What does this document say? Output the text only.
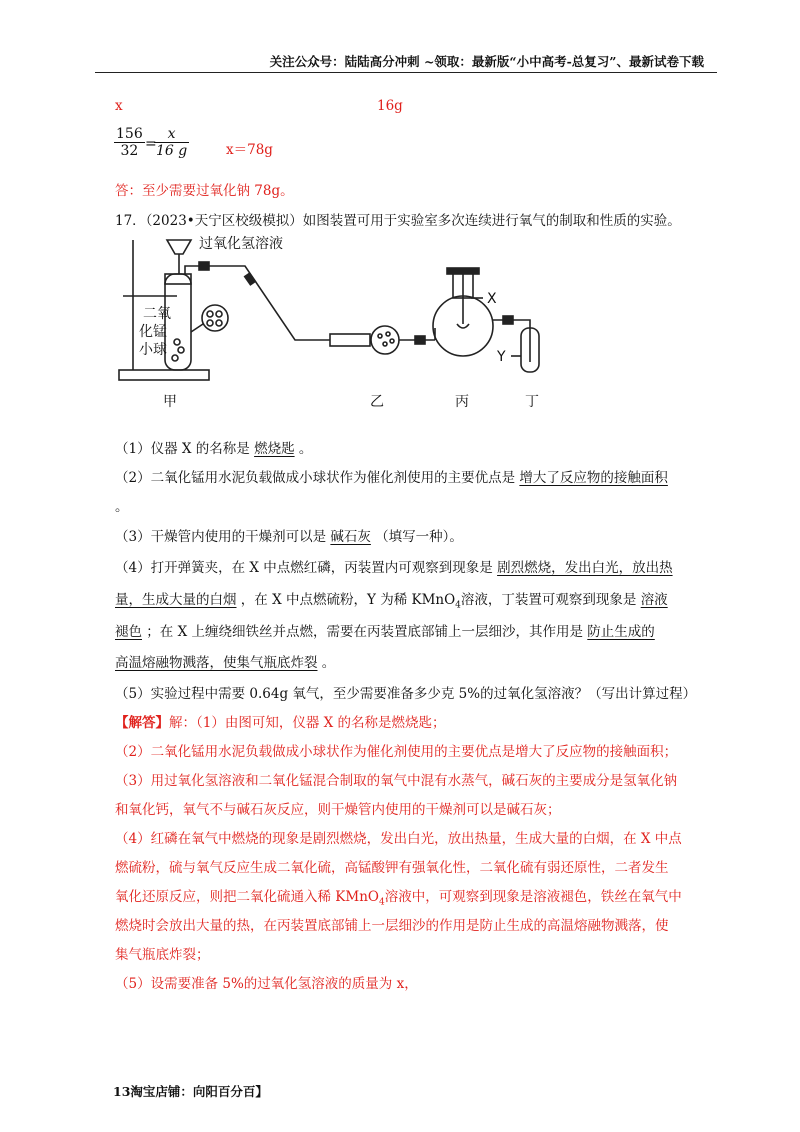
关注公众号：陆陆高分冲刺 ~领取：最新版“小中高考-总复习”、最新试卷下载
x	16g
$\frac{156}{32}$ =
$\frac{x}{16 g}$	x＝78g
答：至少需要过氧化钠 78g。
17．（2023•天宁区校级模拟）如图装置可用于实验室多次连续进行氧气的制取和性质的实验。
过氧化氢溶液
二氧
化锰
小球
X
Y
甲	乙	丙	丁
（1）仪器 X 的名称是 燃烧匙 。
（2）二氧化锰用水泥负载做成小球状作为催化剂使用的主要优点是 增大了反应物的接触面积
。
（3）干燥管内使用的干燥剂可以是 碱石灰 （填写一种）。
（4）打开弹簧夹，在 X 中点燃红磷，丙装置内可观察到现象是 剧烈燃烧，发出白光，放出热
量，生成大量的白烟 ，在 X 中点燃硫粉，Y 为稀 KMnO$_4$溶液，丁装置可观察到现象是 溶液
褪色 ；在 X 上缠绕细铁丝并点燃，需要在丙装置底部铺上一层细沙，其作用是 防止生成的
高温熔融物溅落，使集气瓶底炸裂 。
（5）实验过程中需要 0.64g 氧气，至少需要准备多少克 5%的过氧化氢溶液？（写出计算过程）
【解答】解：（1）由图可知，仪器 X 的名称是燃烧匙；
（2）二氧化锰用水泥负载做成小球状作为催化剂使用的主要优点是增大了反应物的接触面积；
（3）用过氧化氢溶液和二氧化锰混合制取的氧气中混有水蒸气，碱石灰的主要成分是氢氧化钠
和氧化钙，氧气不与碱石灰反应，则干燥管内使用的干燥剂可以是碱石灰；
（4）红磷在氧气中燃烧的现象是剧烈燃烧，发出白光，放出热量，生成大量的白烟，在 X 中点
燃硫粉，硫与氧气反应生成二氧化硫，高锰酸钾有强氧化性，二氧化硫有弱还原性，二者发生
氧化还原反应，则把二氧化硫通入稀 KMnO$_4$溶液中，可观察到现象是溶液褪色，铁丝在氧气中
燃烧时会放出大量的热，在丙装置底部铺上一层细沙的作用是防止生成的高温熔融物溅落，使
集气瓶底炸裂；
（5）设需要准备 5%的过氧化氢溶液的质量为 x，
13淘宝店铺：向阳百分百】
